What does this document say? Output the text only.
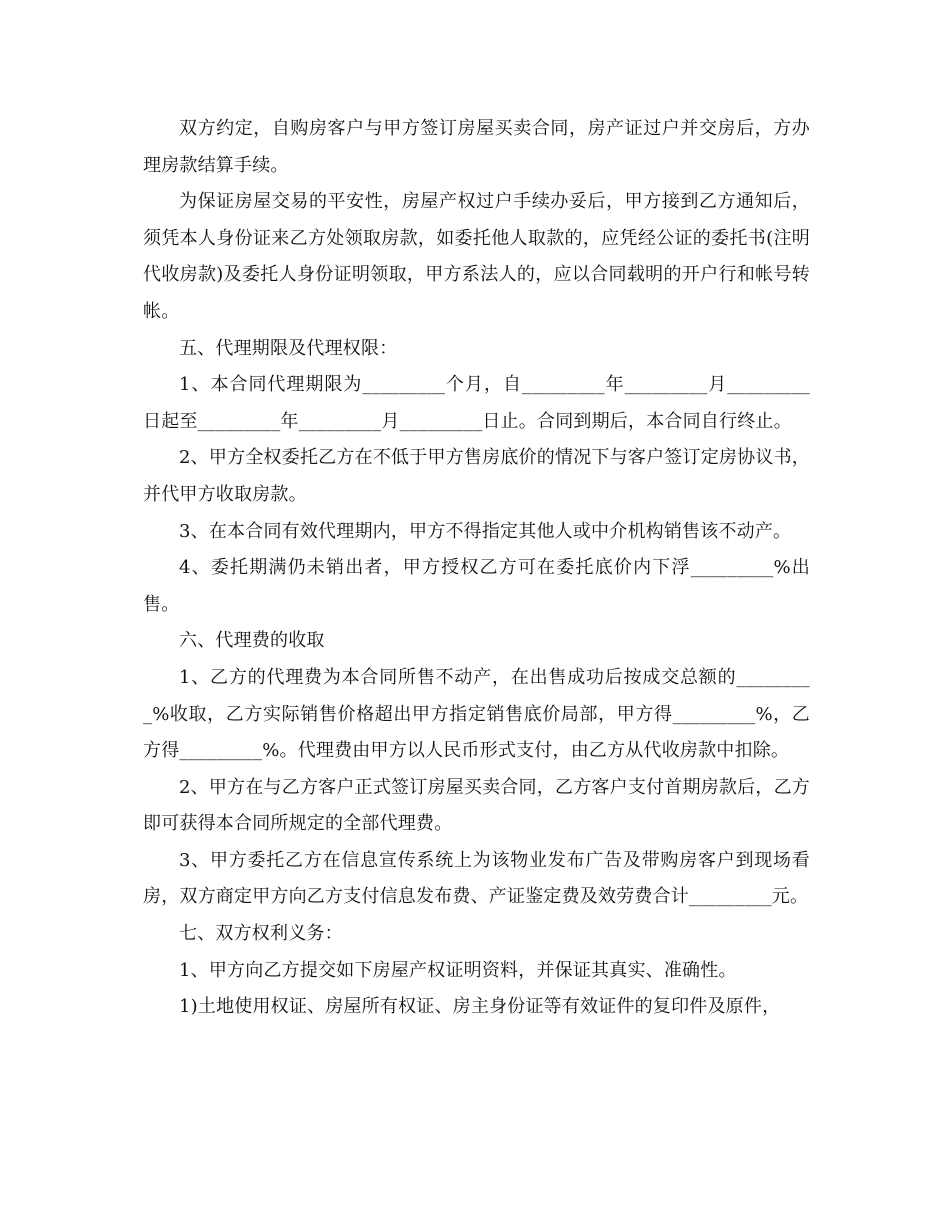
双方约定，自购房客户与甲方签订房屋买卖合同，房产证过户并交房后，方办理房款结算手续。

为保证房屋交易的平安性，房屋产权过户手续办妥后，甲方接到乙方通知后，须凭本人身份证来乙方处领取房款，如委托他人取款的，应凭经公证的委托书(注明代收房款)及委托人身份证明领取，甲方系法人的，应以合同载明的开户行和帐号转帐。

五、代理期限及代理权限：

1、本合同代理期限为_________个月，自_________年_________月_________日起至_________年_________月_________日止。合同到期后，本合同自行终止。

2、甲方全权委托乙方在不低于甲方售房底价的情况下与客户签订定房协议书，并代甲方收取房款。

3、在本合同有效代理期内，甲方不得指定其他人或中介机构销售该不动产。

4、委托期满仍未销出者，甲方授权乙方可在委托底价内下浮_________%出售。

六、代理费的收取

1、乙方的代理费为本合同所售不动产，在出售成功后按成交总额的_________%收取，乙方实际销售价格超出甲方指定销售底价局部，甲方得_________%，乙方得_________%。代理费由甲方以人民币形式支付，由乙方从代收房款中扣除。

2、甲方在与乙方客户正式签订房屋买卖合同，乙方客户支付首期房款后，乙方即可获得本合同所规定的全部代理费。

3、甲方委托乙方在信息宣传系统上为该物业发布广告及带购房客户到现场看房，双方商定甲方向乙方支付信息发布费、产证鉴定费及效劳费合计_________元。

七、双方权利义务：

1、甲方向乙方提交如下房屋产权证明资料，并保证其真实、准确性。

1)土地使用权证、房屋所有权证、房主身份证等有效证件的复印件及原件，
